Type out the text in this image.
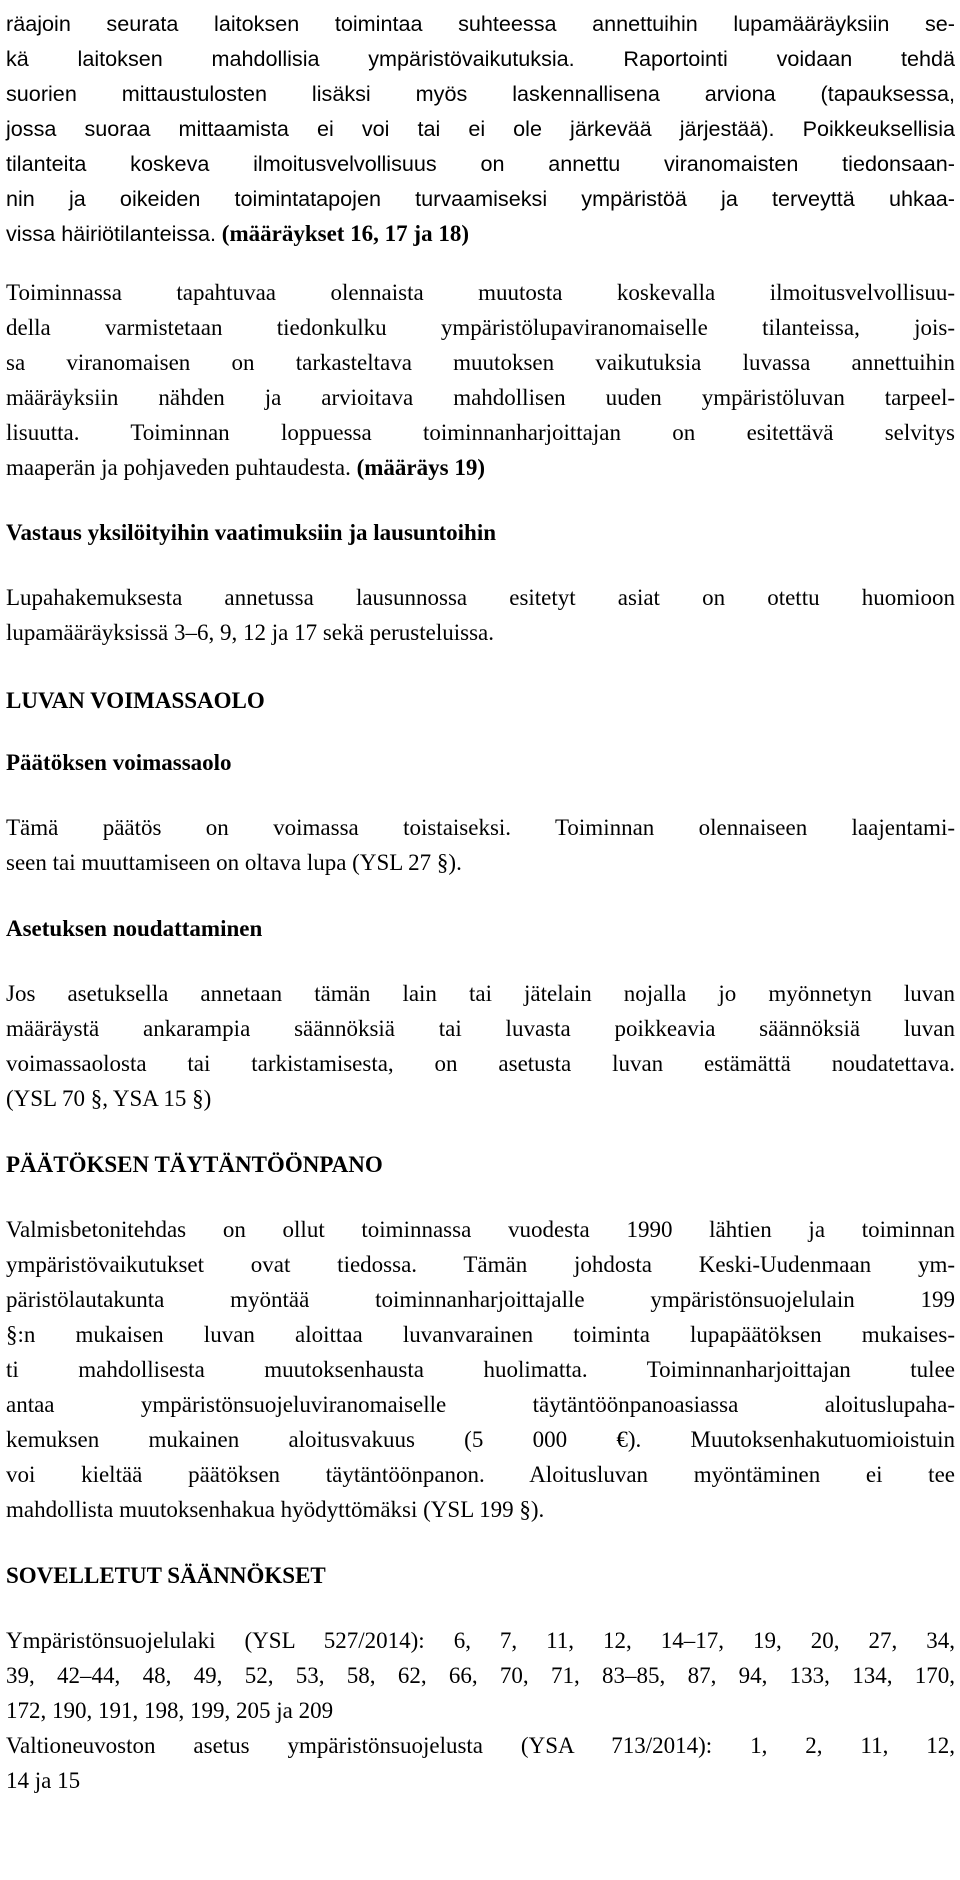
räajoin seurata laitoksen toimintaa suhteessa annettuihin lupamääräyksiin se-
kä laitoksen mahdollisia ympäristövaikutuksia. Raportointi voidaan tehdä
suorien mittaustulosten lisäksi myös laskennallisena arviona (tapauksessa,
jossa suoraa mittaamista ei voi tai ei ole järkevää järjestää). Poikkeuksellisia
tilanteita koskeva ilmoitusvelvollisuus on annettu viranomaisten tiedonsaan-
nin ja oikeiden toimintatapojen turvaamiseksi ympäristöä ja terveyttä uhkaa-
vissa häiriötilanteissa. (määräykset 16, 17 ja 18)
Toiminnassa tapahtuvaa olennaista muutosta koskevalla ilmoitusvelvollisuu-
della varmistetaan tiedonkulku ympäristölupaviranomaiselle tilanteissa, jois-
sa viranomaisen on tarkasteltava muutoksen vaikutuksia luvassa annettuihin
määräyksiin nähden ja arvioitava mahdollisen uuden ympäristöluvan tarpeel-
lisuutta. Toiminnan loppuessa toiminnanharjoittajan on esitettävä selvitys
maaperän ja pohjaveden puhtaudesta. (määräys 19)
Vastaus yksilöityihin vaatimuksiin ja lausuntoihin
Lupahakemuksesta annetussa lausunnossa esitetyt asiat on otettu huomioon
lupamääräyksissä 3–6, 9, 12 ja 17 sekä perusteluissa.
LUVAN VOIMASSAOLO
Päätöksen voimassaolo
Tämä päätös on voimassa toistaiseksi. Toiminnan olennaiseen laajentami-
seen tai muuttamiseen on oltava lupa (YSL 27 §).
Asetuksen noudattaminen
Jos asetuksella annetaan tämän lain tai jätelain nojalla jo myönnetyn luvan
määräystä ankarampia säännöksiä tai luvasta poikkeavia säännöksiä luvan
voimassaolosta tai tarkistamisesta, on asetusta luvan estämättä noudatettava.
(YSL 70 §, YSA 15 §)
PÄÄTÖKSEN TÄYTÄNTÖÖNPANO
Valmisbetonitehdas on ollut toiminnassa vuodesta 1990 lähtien ja toiminnan
ympäristövaikutukset ovat tiedossa. Tämän johdosta Keski-Uudenmaan ym-
päristölautakunta myöntää toiminnanharjoittajalle ympäristönsuojelulain 199
§:n mukaisen luvan aloittaa luvanvarainen toiminta lupapäätöksen mukaises-
ti mahdollisesta muutoksenhausta huolimatta. Toiminnanharjoittajan tulee
antaa ympäristönsuojeluviranomaiselle täytäntöönpanoasiassa aloituslupaha-
kemuksen mukainen aloitusvakuus (5 000 €). Muutoksenhakutuomioistuin
voi kieltää päätöksen täytäntöönpanon. Aloitusluvan myöntäminen ei tee
mahdollista muutoksenhakua hyödyttömäksi (YSL 199 §).
SOVELLETUT SÄÄNNÖKSET
Ympäristönsuojelulaki (YSL 527/2014): 6, 7, 11, 12, 14–17, 19, 20, 27, 34,
39, 42–44, 48, 49, 52, 53, 58, 62, 66, 70, 71, 83–85, 87, 94, 133, 134, 170,
172, 190, 191, 198, 199, 205 ja 209
Valtioneuvoston asetus ympäristönsuojelusta (YSA 713/2014): 1, 2, 11, 12,
14 ja 15
